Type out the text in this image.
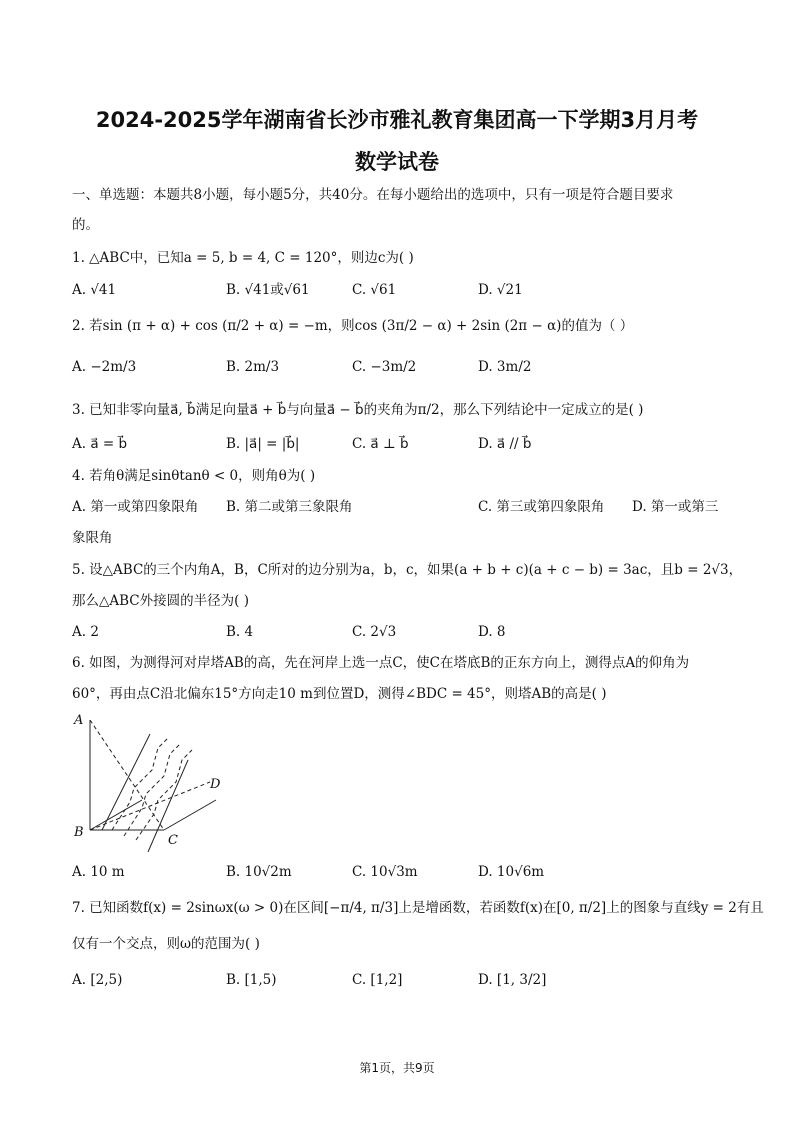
2024-2025学年湖南省长沙市雅礼教育集团高一下学期3月月考
数学试卷
一、单选题：本题共8小题，每小题5分，共40分。在每小题给出的选项中，只有一项是符合题目要求
的。
1. △ABC中，已知a = 5, b = 4, C = 120°，则边c为( )
A. √41	B. √41或√61	C. √61	D. √21
2. 若sin (π + α) + cos (π/2 + α) = −m，则cos (3π/2 − α) + 2sin (2π − α)的值为（ ）
A. −2m/3	B. 2m/3	C. −3m/2	D. 3m/2
3. 已知非零向量a⃗, b⃗满足向量a⃗ + b⃗与向量a⃗ − b⃗的夹角为π/2，那么下列结论中一定成立的是( )
A. a⃗ = b⃗	B. |a⃗| = |b⃗|	C. a⃗ ⊥ b⃗	D. a⃗ // b⃗
4. 若角θ满足sinθtanθ < 0，则角θ为( )
A. 第一或第四象限角 B. 第二或第三象限角	C. 第三或第四象限角 D. 第一或第三
象限角
5. 设△ABC的三个内角A，B，C所对的边分别为a，b，c，如果(a + b + c)(a + c − b) = 3ac，且b = 2√3，
那么△ABC外接圆的半径为( )
A. 2	B. 4	C. 2√3	D. 8
6. 如图，为测得河对岸塔AB的高，先在河岸上选一点C，使C在塔底B的正东方向上，测得点A的仰角为
60°，再由点C沿北偏东15°方向走10 m到位置D，测得∠BDC = 45°，则塔AB的高是( )
A
B
C
D
A. 10 m	B. 10√2m	C. 10√3m	D. 10√6m
7. 已知函数f(x) = 2sinωx(ω > 0)在区间[−π/4, π/3]上是增函数，若函数f(x)在[0, π/2]上的图象与直线y = 2有且
仅有一个交点，则ω的范围为( )
A. [2,5)	B. [1,5)	C. [1,2]	D. [1, 3/2]
第1页，共9页
